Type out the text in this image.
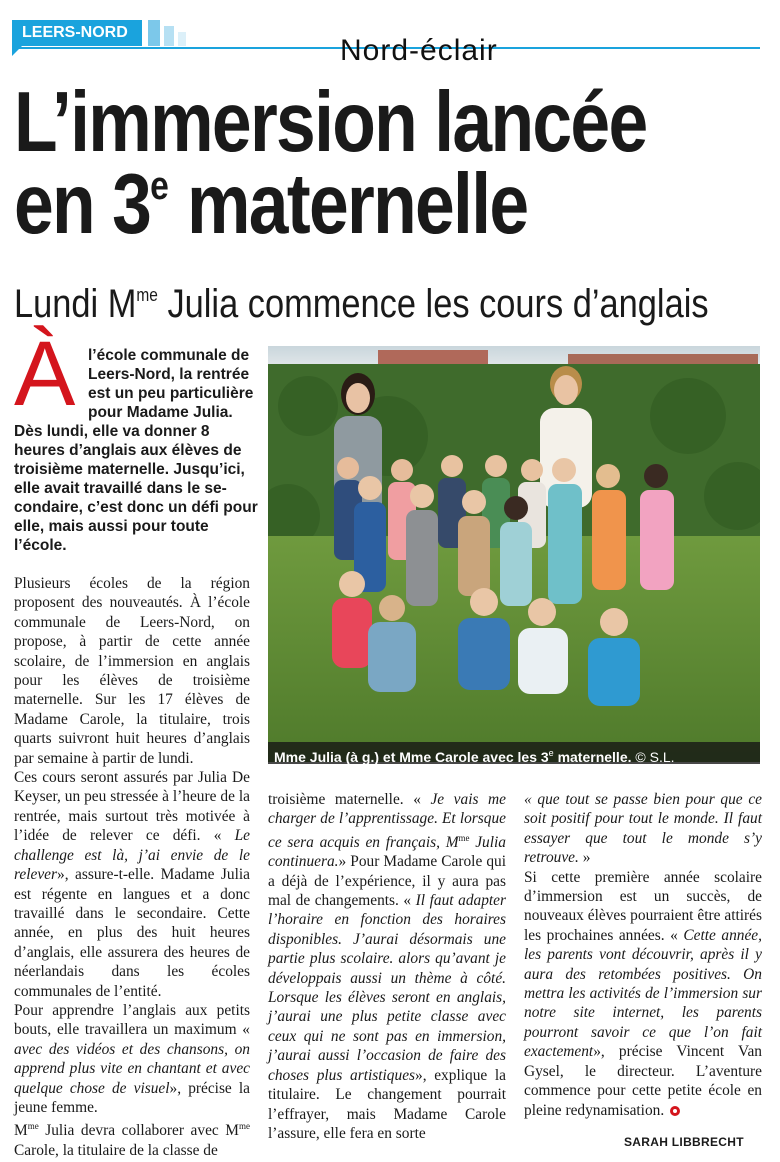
LEERS-NORD
Nord-éclair
L’immersion lancée
en 3e maternelle
Lundi $M^{me}$ Julia commence les cours d’anglais
À l’école communale de
Leers-Nord, la rentrée
est un peu particulière
pour Madame Julia.
Dès lundi, elle va donner 8
heures d’anglais aux élèves de
troisième maternelle. Jusqu’ici,
elle avait travaillé dans le se-
condaire, c’est donc un défi pour
elle, mais aussi pour toute
l’école.
Mme Julia (à g.) et Mme Carole avec les 3e maternelle. © S.L.

Plusieurs écoles de la région proposent des nouveautés. À l’école communale de Leers-Nord, on propose, à partir de cette année scolaire, de l’immersion en anglais pour les élèves de troisième maternelle. Sur les 17 élèves de Madame Carole, la titulaire, trois quarts suivront huit heures d’anglais par semaine à partir de lundi.

Ces cours seront assurés par Julia De Keyser, un peu stressée à l’heure de la rentrée, mais surtout très motivée à l’idée de relever ce défi. « Le challenge est là, j’ai envie de le relever», assure-t-elle. Madame Julia est régente en langues et a donc travaillé dans le secondaire. Cette année, en plus des huit heures d’anglais, elle assurera des heures de néerlandais dans les écoles communales de l’entité.

Pour apprendre l’anglais aux petits bouts, elle travaillera un maximum « avec des vidéos et des chansons, on apprend plus vite en chantant et avec quelque chose de visuel», précise la jeune femme.

$M^{me}$ Julia devra collaborer avec $M^{me}$ Carole, la titulaire de la classe de

troisième maternelle. « Je vais me charger de l’apprentissage. Et lorsque ce sera acquis en français, $M^{me}$ Julia continuera.» Pour Madame Carole qui a déjà de l’expérience, il y aura pas mal de changements. « Il faut adapter l’horaire en fonction des horaires disponibles. J’aurai désormais une partie plus scolaire. alors qu’avant je développais aussi un thème à côté. Lorsque les élèves seront en anglais, j’aurai une plus petite classe avec ceux qui ne sont pas en immersion, j’aurai aussi l’occasion de faire des choses plus artistiques», explique la titulaire. Le changement pourrait l’effrayer, mais Madame Carole l’assure, elle fera en sorte

« que tout se passe bien pour que ce soit positif pour tout le monde. Il faut essayer que tout le monde s’y retrouve. »

Si cette première année scolaire d’immersion est un succès, de nouveaux élèves pourraient être attirés les prochaines années. « Cette année, les parents vont découvrir, après il y aura des retombées positives. On mettra les activités de l’immersion sur notre site internet, les parents pourront savoir ce que l’on fait exactement», précise Vincent Van Gysel, le directeur. L’aventure commence pour cette petite école en pleine redynamisation.

SARAH LIBBRECHT
